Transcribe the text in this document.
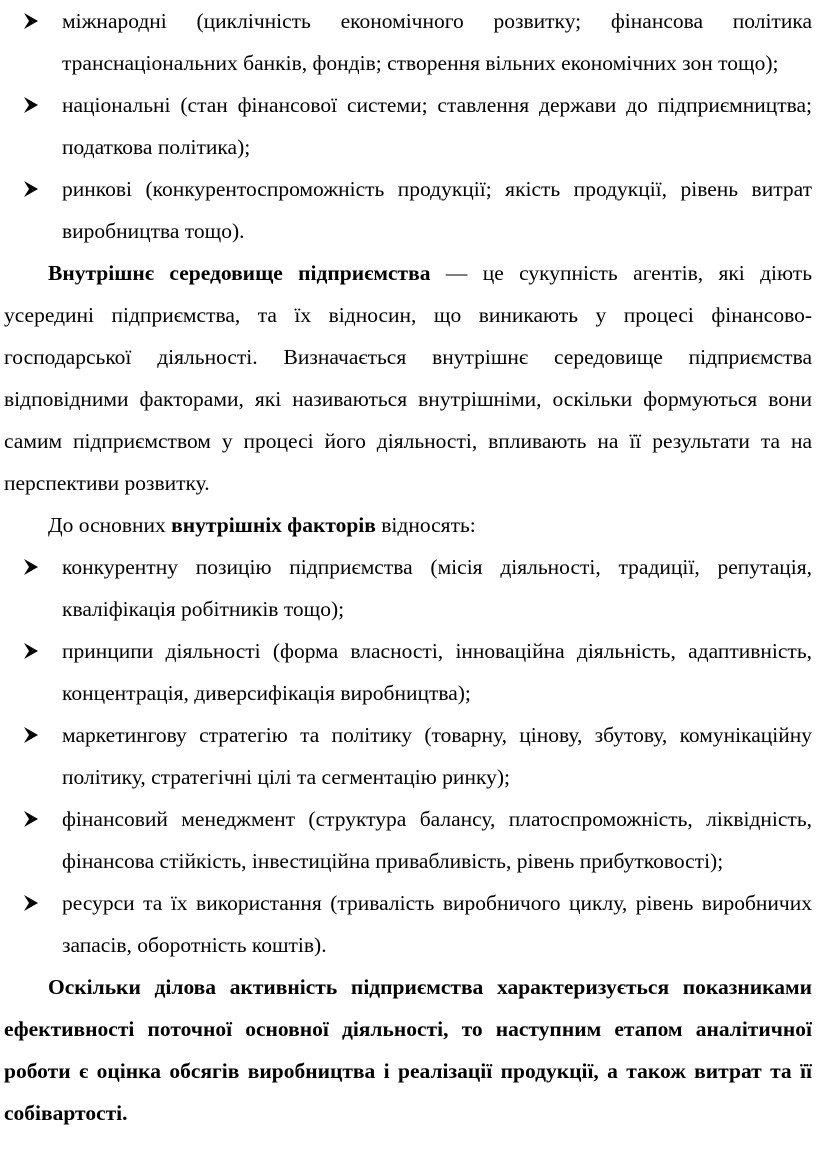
міжнародні (циклічність економічного розвитку; фінансова політика транснаціональних банків, фондів; створення вільних економічних зон тощо);
національні (стан фінансової системи; ставлення держави до підприємництва; податкова політика);
ринкові (конкурентоспроможність продукції; якість продукції, рівень витрат виробництва тощо).

Внутрішнє середовище підприємства — це сукупність агентів, які діють усередині підприємства, та їх відносин, що виникають у процесі фінансово-господарської діяльності. Визначається внутрішнє середовище підприємства відповідними факторами, які називаються внутрішніми, оскільки формуються вони самим підприємством у процесі його діяльності, впливають на її результати та на перспективи розвитку.

До основних внутрішніх факторів відносять:

конкурентну позицію підприємства (місія діяльності, традиції, репутація, кваліфікація робітників тощо);
принципи діяльності (форма власності, інноваційна діяльність, адаптивність, концентрація, диверсифікація виробництва);
маркетингову стратегію та політику (товарну, цінову, збутову, комунікаційну політику, стратегічні цілі та сегментацію ринку);
фінансовий менеджмент (структура балансу, платоспроможність, ліквідність, фінансова стійкість, інвестиційна привабливість, рівень прибутковості);
ресурси та їх використання (тривалість виробничого циклу, рівень виробничих запасів, оборотність коштів).

Оскільки ділова активність підприємства характеризується показниками ефективності поточної основної діяльності, то наступним етапом аналітичної роботи є оцінка обсягів виробництва і реалізації продукції, а також витрат та її собівартості.
